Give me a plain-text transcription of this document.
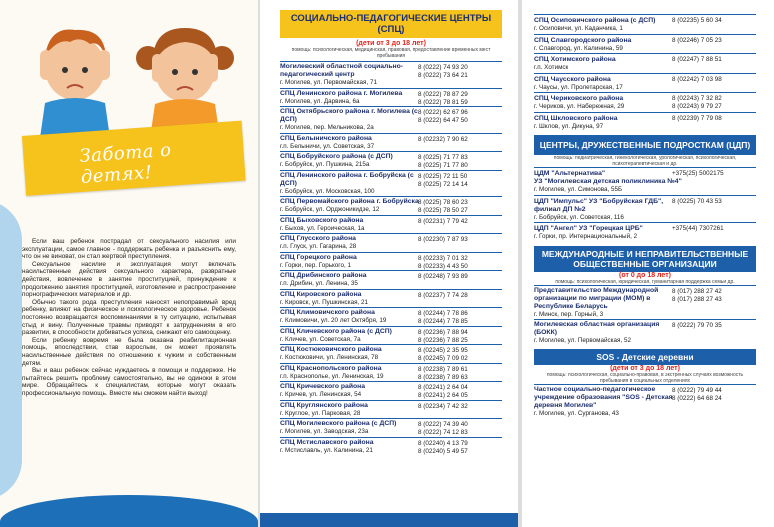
Забота о детях!

Если ваш ребенок пострадал от сексуального насилия или эксплуатации, самое главное - поддержать ребенка и разъяснить ему, что он не виноват, он стал жертвой преступления.

Сексуальное насилие и эксплуатация могут включать насильственные действия сексуального характера, развратные действия, вовлечение в занятие проституцией, принуждение к продолжению занятия проституцией, изготовление и распространение порнографических материалов и др.

Обычно такого рода преступления наносят непоправимый вред ребенку, влияют на физическое и психологическое здоровье. Ребенок постоянно возвращается воспоминаниями в ту ситуацию, испытывая стыд и вину. Полученные травмы приводят к затруднениям в его развитии, в способности добиваться успеха, снижают его самооценку.

Если ребенку вовремя не была оказана реабилитационная помощь, впоследствии, став взрослым, он может проявлять насильственные действия по отношению к чужим и собственным детям.

Вы и ваш ребенок сейчас нуждаетесь в помощи и поддержке. Не пытайтесь решить проблему самостоятельно, вы не одиноки в этом мире. Обращайтесь к специалистам, которые могут оказать профессиональную помощь. Вместе мы сможем найти выход!

СОЦИАЛЬНО-ПЕДАГОГИЧЕСКИЕ ЦЕНТРЫ (СПЦ)
(дети от 3 до 18 лет)
помощь: психологическая, медицинская, правовая, предоставление временных мест пребывания
Могилевский областной социально-педагогический центр
г. Могилев, ул. Первомайская, 71
8 (0222) 74 93 20
8 (0222) 73 64 21
СПЦ Ленинского района г. Могилева
г. Могилев, ул. Дарвина, 6а
8 (0222) 78 87 29
8 (0222) 78 81 59
СПЦ Октябрьского района г. Могилева (с ДСП)
г. Могилев, пер. Мельникова, 2а
8 (0222) 62 67 96
8 (0222) 64 47 50
СПЦ Белыничского района
г.п. Белыничи, ул. Советская, 37
8 (02232) 7 90 62
СПЦ Бобруйского района (с ДСП)
г. Бобруйск, ул. Пушкина, 215а
8 (0225) 71 77 83
8 (0225) 71 77 80
СПЦ Ленинского района г. Бобруйска (с ДСП)
г. Бобруйск, ул. Московская, 100
8 (0225) 72 11 50
8 (0225) 72 14 14
СПЦ Первомайского района г. Бобруйска
г. Бобруйск, ул. Орджоникидзе, 12
8 (0225) 78 60 23
8 (0225) 78 50 27
СПЦ Быховского района
г. Быхов, ул. Героическая, 1а
8 (02231) 7 79 42
СПЦ Глусского района
г.п. Глуск, ул. Гагарина, 28
8 (02230) 7 87 93
СПЦ Горецкого района
г. Горки, пер. Горького, 1
8 (02233) 7 01 32
8 (02233) 4 43 50
СПЦ Дрибинского района
г.п. Дрибин, ул. Ленина, 35
8 (02248) 7 93 89
СПЦ Кировского района
г. Кировск, ул. Пушкинская, 21
8 (02237) 7 74 28
СПЦ Климовичского района
г. Климовичи, ул. 20 лет Октября, 19
8 (02244) 7 78 86
8 (02244) 7 78 85
СПЦ Кличевского района (с ДСП)
г. Кличев, ул. Советская, 7а
8 (02236) 7 88 94
8 (02236) 7 88 25
СПЦ Костюковичского района
г. Костюковичи, ул. Ленинская, 78
8 (02245) 2 35 95
8 (02245) 7 09 02
СПЦ Краснопольского района
г.п. Краснополье, ул. Ленинская, 19
8 (02238) 7 89 61
8 (02238) 7 89 63
СПЦ Кричевского района
г. Кричев, ул. Ленинская, 54
8 (02241) 2 64 04
8 (02241) 2 64 05
СПЦ Круглянского района
г. Круглое, ул. Парковая, 28
8 (02234) 7 42 32
СПЦ Могилевского района (с ДСП)
г. Могилев, ул. Заводская, 23а
8 (0222) 74 39 40
8 (0222) 74 12 83
СПЦ Мстиславского района
г. Мстиславль, ул. Калинина, 21
8 (02240) 4 13 79
8 (02240) 5 49 57
СПЦ Осиповичского района (с ДСП)
г. Осиповичи, ул. Каданчика, 1
8 (02235) 5 60 34
СПЦ Славгородского района
г. Славгород, ул. Калинина, 59
8 (02246) 7 05 23
СПЦ Хотимского района
г.п. Хотимск
8 (02247) 7 88 51
СПЦ Чаусского района
г. Чаусы, ул. Пролетарская, 17
8 (02242) 7 03 98
СПЦ Чериковского района
г. Чериков, ул. Набережная, 29
8 (02243) 7 32 82
8 (02243) 9 79 27
СПЦ Шкловского района
г. Шклов, ул. Дикуна, 97
8 (02239) 7 79 08
ЦЕНТРЫ, ДРУЖЕСТВЕННЫЕ ПОДРОСТКАМ (ЦДП)
помощь: педиатрическая, гинекологическая, урологическая, психологическая, психотерапевтическая и др.
ЦДМ "Альтернатива"
УЗ "Могилевская детская поликлиника №4"
г. Могилев, ул. Симонова, 55Б
+375(25) 5002175
ЦДП "Импульс" УЗ "Бобруйская ГДБ", филиал ДП №2
г. Бобруйск, ул. Советская, 116
8 (0225) 70 43 53
ЦДП "Ангел" УЗ "Горецкая ЦРБ"
г. Горки, пр. Интернациональный, 2
+375(44) 7307261
МЕЖДУНАРОДНЫЕ И НЕПРАВИТЕЛЬСТВЕННЫЕ ОБЩЕСТВЕННЫЕ ОРГАНИЗАЦИИ
(от 0 до 18 лет)
помощь: психологическая, юридическая, гуманитарная поддержка семьи др.
Представительство Международной организации по миграции (МОМ) в Республике Беларусь
г. Минск, пер. Горный, 3
8 (017) 288 27 42
8 (017) 288 27 43
Могилевская областная организация (БОКК)
г. Могилев, ул. Первомайская, 52
8 (0222) 79 70 35
SOS - Детские деревни
(дети от 3 до 18 лет)
помощь: психологическая, социально-правовая, в экстренных случаях возможность пребывания в социальных отделениях
Частное социально-педагогическое учреждение образования "SOS - Детская деревня Могилев"
г. Могилев, ул. Сурганова, 43
8 (0222) 79 49 44
8 (0222) 64 68 24
